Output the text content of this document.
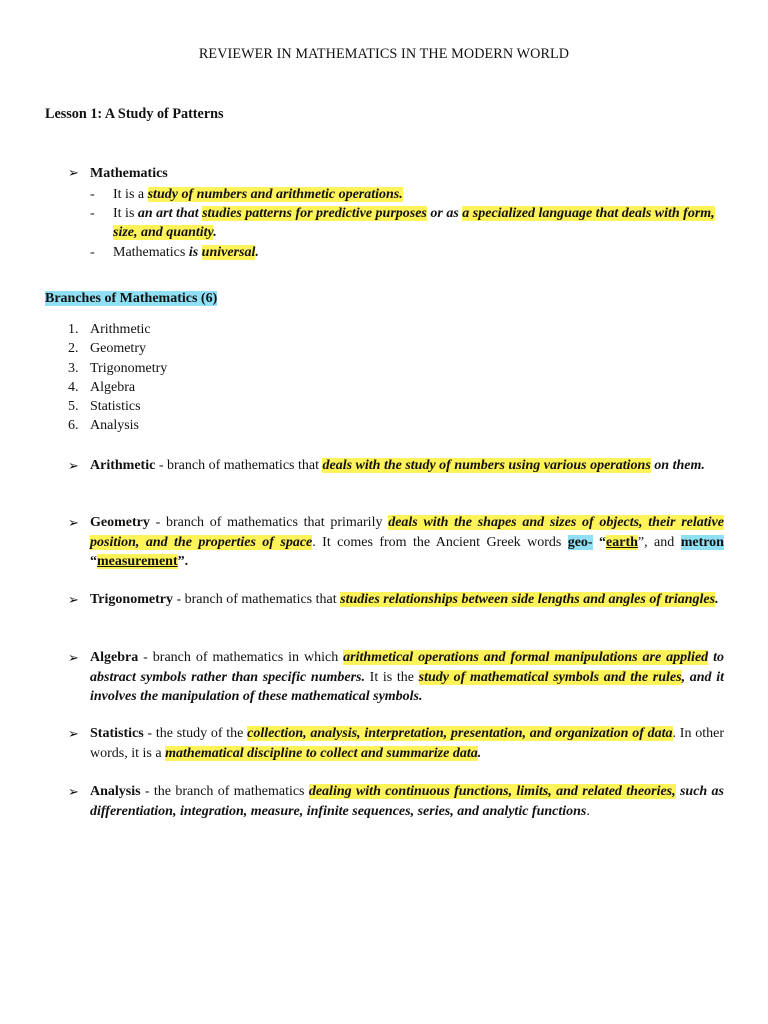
REVIEWER IN MATHEMATICS IN THE MODERN WORLD
Lesson 1: A Study of Patterns
➢ Mathematics
- It is a study of numbers and arithmetic operations.
- It is an art that studies patterns for predictive purposes or as a specialized language that deals with form, size, and quantity.
- Mathematics is universal.
Branches of Mathematics (6)
1. Arithmetic
2. Geometry
3. Trigonometry
4. Algebra
5. Statistics
6. Analysis
➢ Arithmetic - branch of mathematics that deals with the study of numbers using various operations on them.
➢ Geometry - branch of mathematics that primarily deals with the shapes and sizes of objects, their relative position, and the properties of space. It comes from the Ancient Greek words geo- “earth”, and metron “measurement”.
➢ Trigonometry - branch of mathematics that studies relationships between side lengths and angles of triangles.
➢ Algebra - branch of mathematics in which arithmetical operations and formal manipulations are applied to abstract symbols rather than specific numbers. It is the study of mathematical symbols and the rules, and it involves the manipulation of these mathematical symbols.
➢ Statistics - the study of the collection, analysis, interpretation, presentation, and organization of data. In other words, it is a mathematical discipline to collect and summarize data.
➢ Analysis - the branch of mathematics dealing with continuous functions, limits, and related theories, such as differentiation, integration, measure, infinite sequences, series, and analytic functions.
